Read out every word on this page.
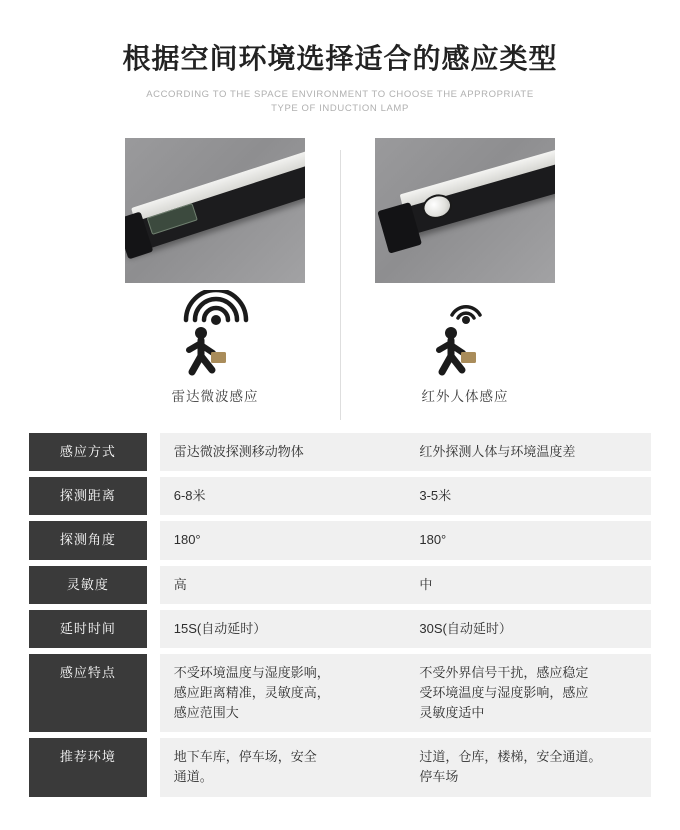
根据空间环境选择适合的感应类型
ACCORDING TO THE SPACE ENVIRONMENT TO CHOOSE THE APPROPRIATE
TYPE OF INDUCTION LAMP
雷达微波感应	红外人体感应
感应方式		雷达微波探测移动物体	红外探测人体与环境温度差

探测距离		6-8米	3-5米

探测角度		180°	180°

灵敏度		高	中

延时时间		15S(自动延时）	30S(自动延时）

感应特点		不受环境温度与湿度影响，
感应距离精准，灵敏度高，
感应范围大	不受外界信号干扰，感应稳定
受环境温度与湿度影响，感应
灵敏度适中

推荐环境		地下车库，停车场，安全
通道。	过道，仓库，楼梯，安全通道。
停车场
